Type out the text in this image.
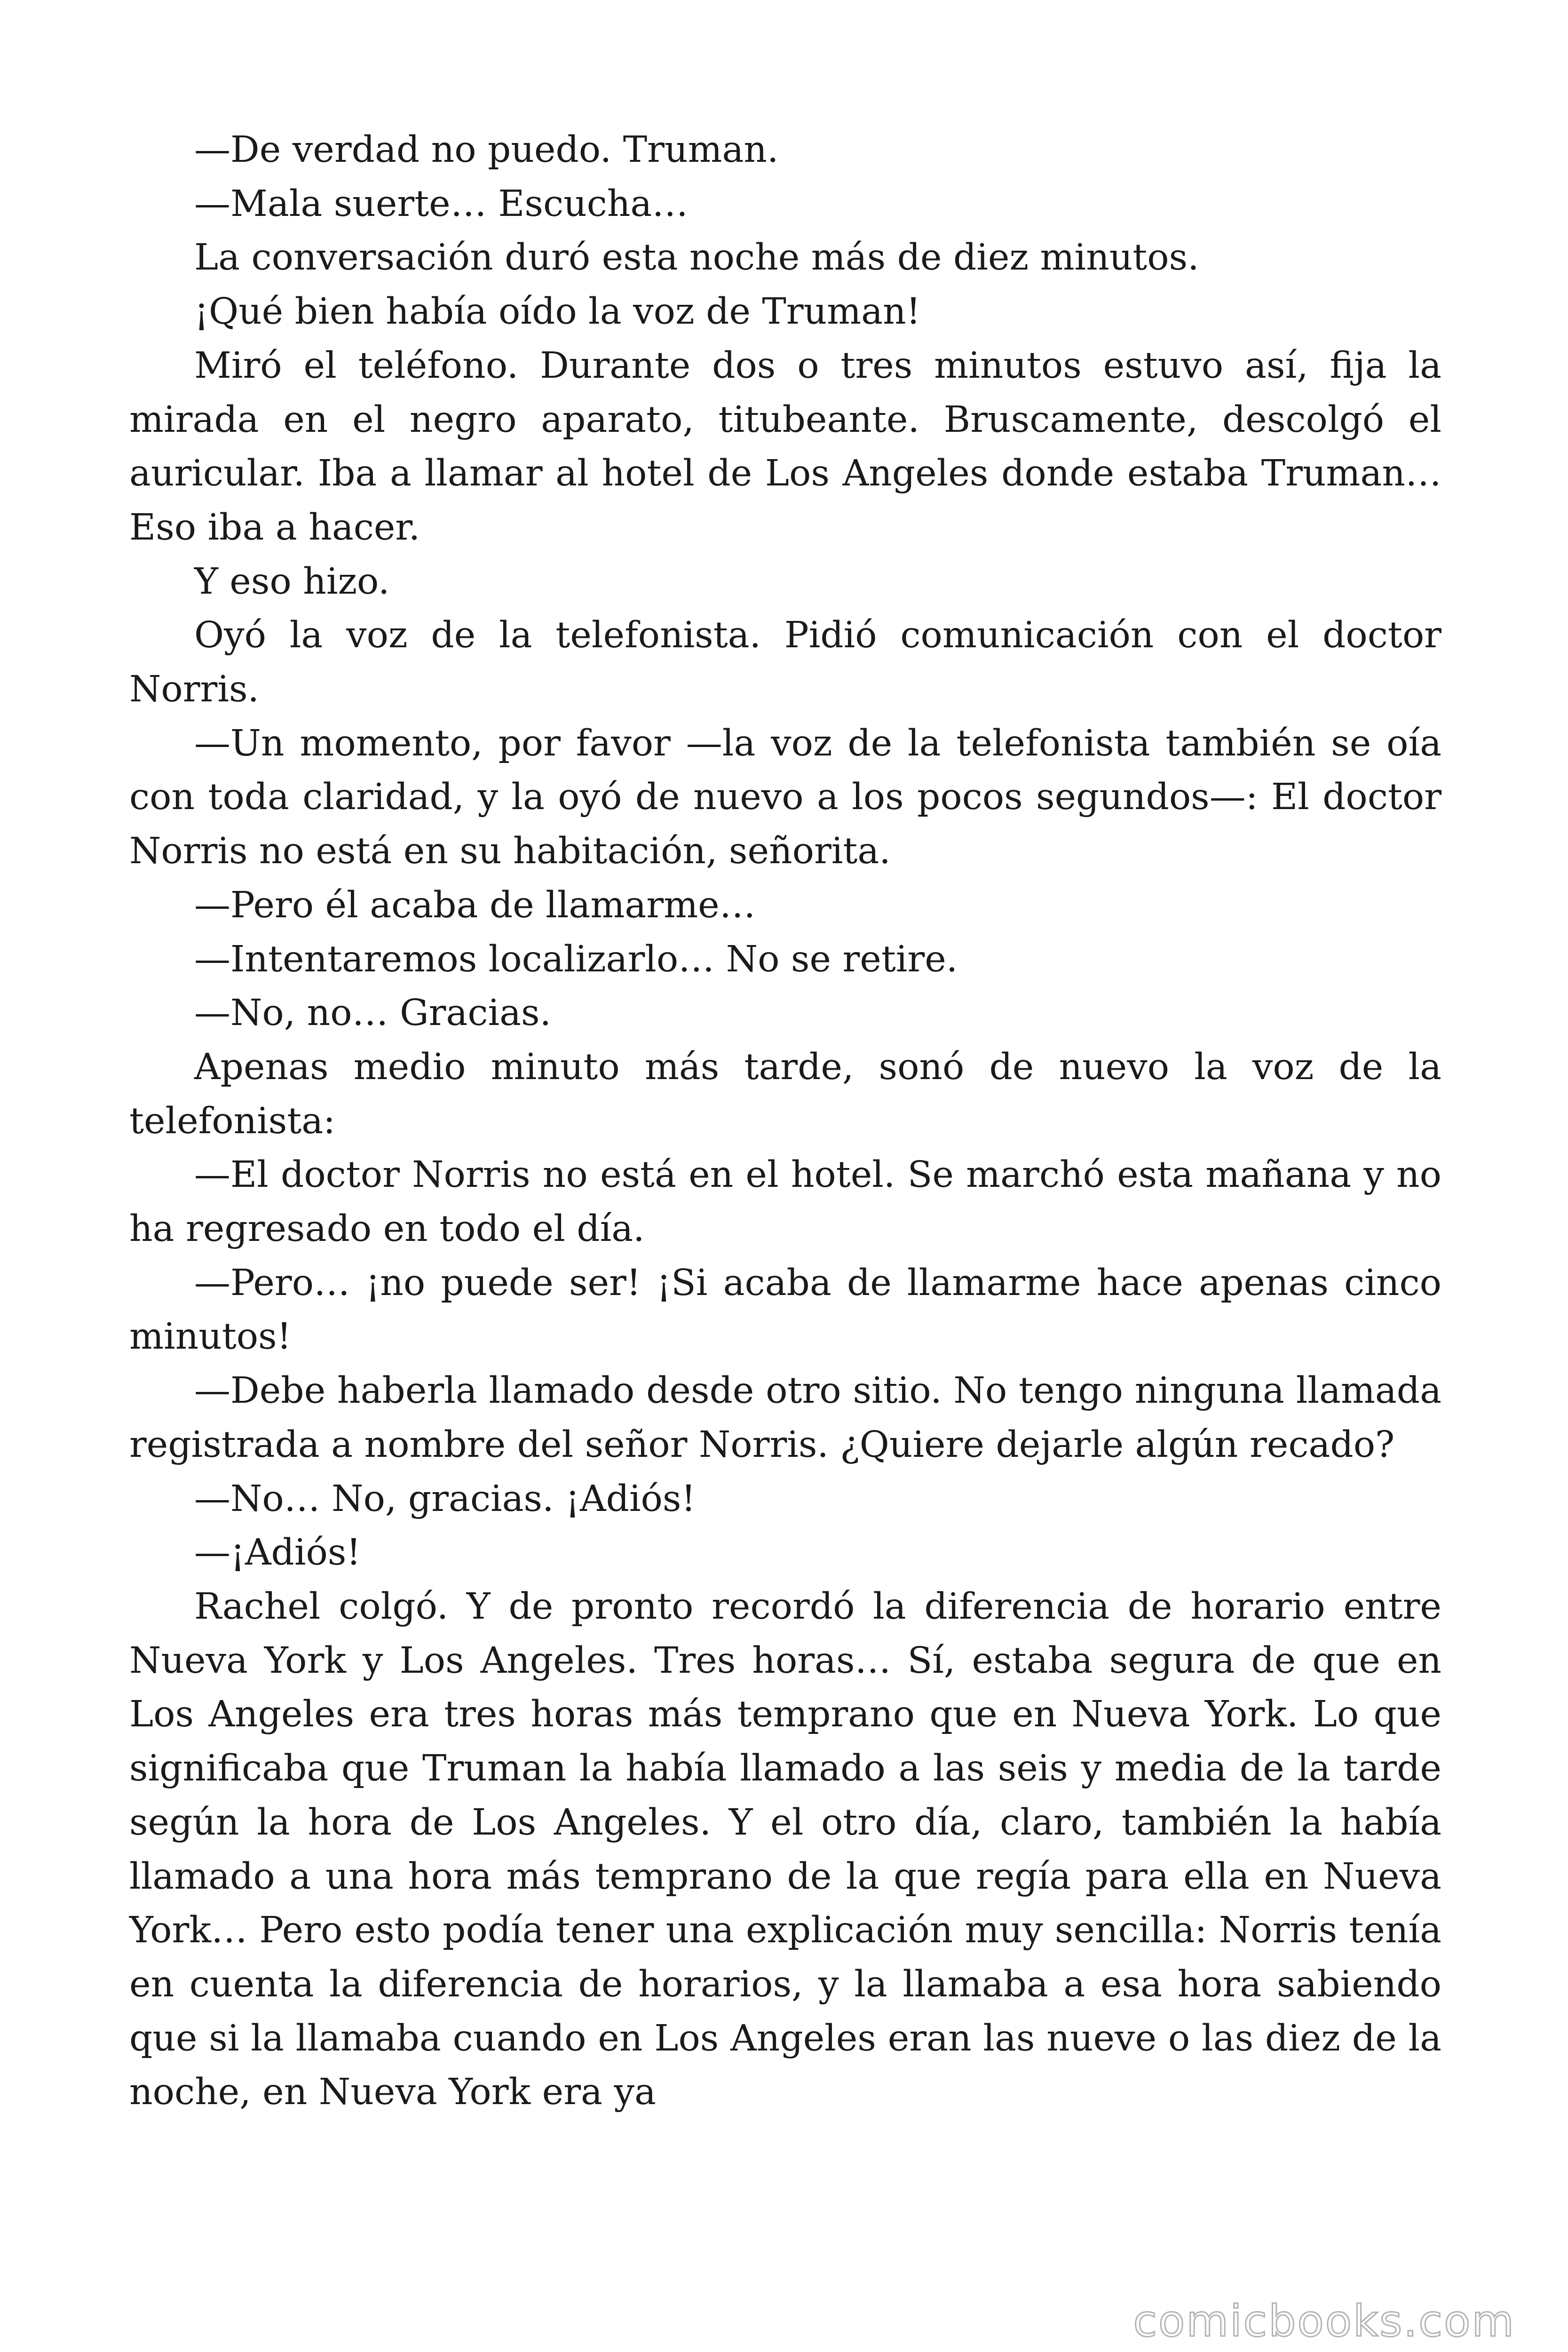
—De verdad no puedo. Truman.

—Mala suerte… Escucha…

La conversación duró esta noche más de diez minutos.

¡Qué bien había oído la voz de Truman!

Miró el teléfono. Durante dos o tres minutos estuvo así, fija la mirada en el negro aparato, titubeante. Bruscamente, descolgó el auricular. Iba a llamar al hotel de Los Angeles donde estaba Truman… Eso iba a hacer.

Y eso hizo.

Oyó la voz de la telefonista. Pidió comunicación con el doctor Norris.

—Un momento, por favor —la voz de la telefonista también se oía con toda claridad, y la oyó de nuevo a los pocos segundos—: El doctor Norris no está en su habitación, señorita.

—Pero él acaba de llamarme…

—Intentaremos localizarlo… No se retire.

—No, no… Gracias.

Apenas medio minuto más tarde, sonó de nuevo la voz de la telefonista:

—El doctor Norris no está en el hotel. Se marchó esta mañana y no ha regresado en todo el día.

—Pero… ¡no puede ser! ¡Si acaba de llamarme hace apenas cinco minutos!

—Debe haberla llamado desde otro sitio. No tengo ninguna llamada registrada a nombre del señor Norris. ¿Quiere dejarle algún recado?

—No… No, gracias. ¡Adiós!

—¡Adiós!

Rachel colgó. Y de pronto recordó la diferencia de horario entre Nueva York y Los Angeles. Tres horas… Sí, estaba segura de que en Los Angeles era tres horas más temprano que en Nueva York. Lo que significaba que Truman la había llamado a las seis y media de la tarde según la hora de Los Angeles. Y el otro día, claro, también la había llamado a una hora más temprano de la que regía para ella en Nueva York… Pero esto podía tener una explicación muy sencilla: Norris tenía en cuenta la diferencia de horarios, y la llamaba a esa hora sabiendo que si la llamaba cuando en Los Angeles eran las nueve o las diez de la noche, en Nueva York era ya

comicbooks.com
